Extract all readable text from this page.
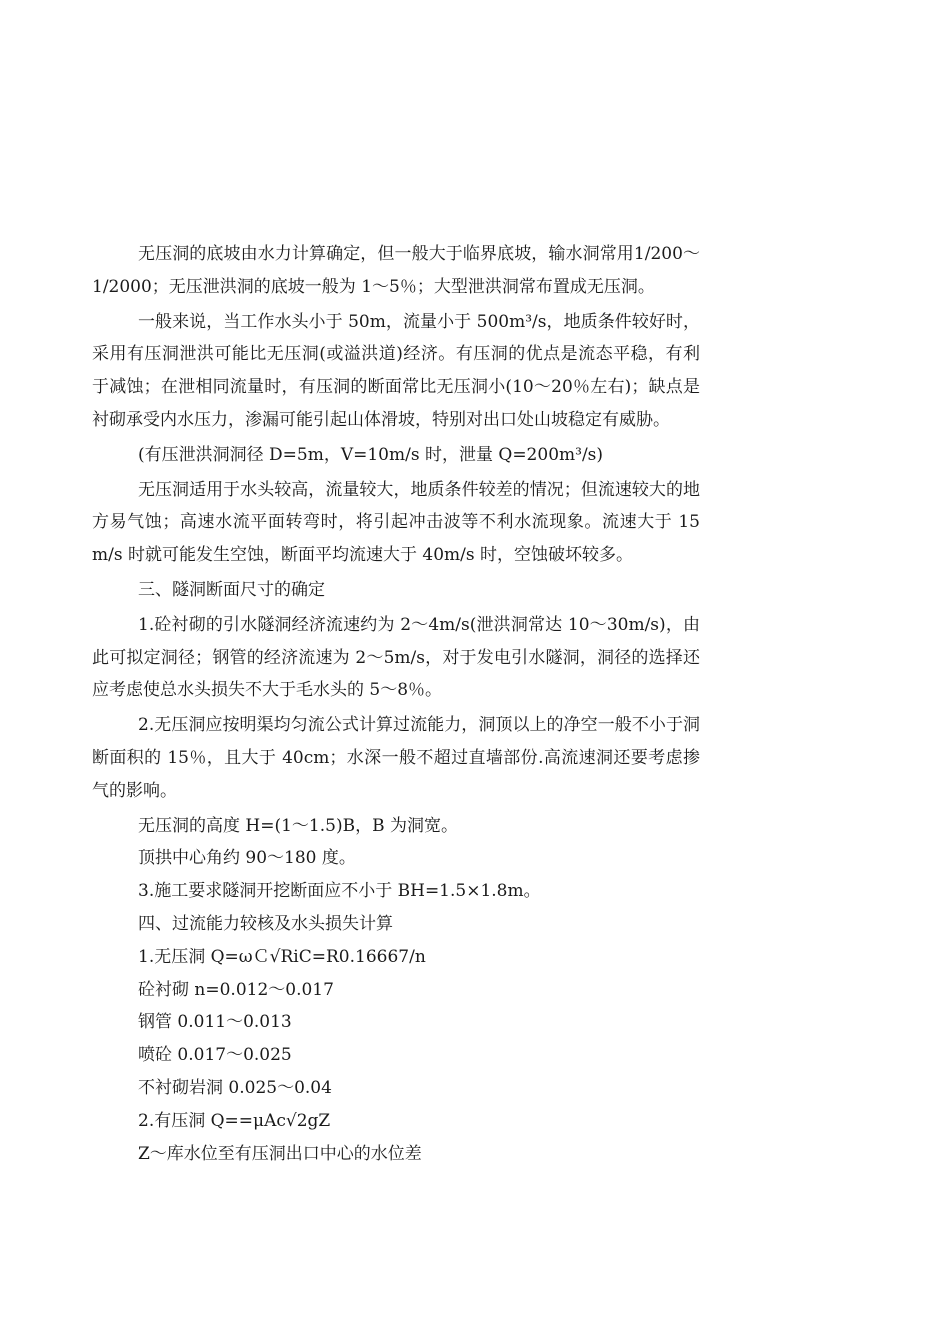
无压洞的底坡由水力计算确定，但一般大于临界底坡，输水洞常用1/200～1/2000；无压泄洪洞的底坡一般为 1～5％；大型泄洪洞常布置成无压洞。

一般来说，当工作水头小于 50m，流量小于 500m³/s，地质条件较好时，采用有压洞泄洪可能比无压洞(或溢洪道)经济。有压洞的优点是流态平稳，有利于减蚀；在泄相同流量时，有压洞的断面常比无压洞小(10～20％左右)；缺点是衬砌承受内水压力，渗漏可能引起山体滑坡，特别对出口处山坡稳定有威胁。

(有压泄洪洞洞径 D=5m，V=10m/s 时，泄量 Q=200m³/s)

无压洞适用于水头较高，流量较大，地质条件较差的情况；但流速较大的地方易气蚀；高速水流平面转弯时，将引起冲击波等不利水流现象。流速大于 15m/s 时就可能发生空蚀，断面平均流速大于 40m/s 时，空蚀破坏较多。

三、隧洞断面尺寸的确定

1.砼衬砌的引水隧洞经济流速约为 2～4m/s(泄洪洞常达 10～30m/s)，由此可拟定洞径；钢管的经济流速为 2～5m/s，对于发电引水隧洞，洞径的选择还应考虑使总水头损失不大于毛水头的 5～8％。

2.无压洞应按明渠均匀流公式计算过流能力，洞顶以上的净空一般不小于洞断面积的 15％，且大于 40cm；水深一般不超过直墙部份.高流速洞还要考虑掺气的影响。

无压洞的高度 H=(1～1.5)B，B 为洞宽。

顶拱中心角约 90～180 度。

3.施工要求隧洞开挖断面应不小于 BH=1.5×1.8m。

四、过流能力较核及水头损失计算

1.无压洞 Q=ωＣ√RiC=R0.16667/n

砼衬砌 n=0.012～0.017

钢管 0.011～0.013

喷砼 0.017～0.025

不衬砌岩洞 0.025～0.04

2.有压洞 Q==μAc√2gZ

Z～库水位至有压洞出口中心的水位差
